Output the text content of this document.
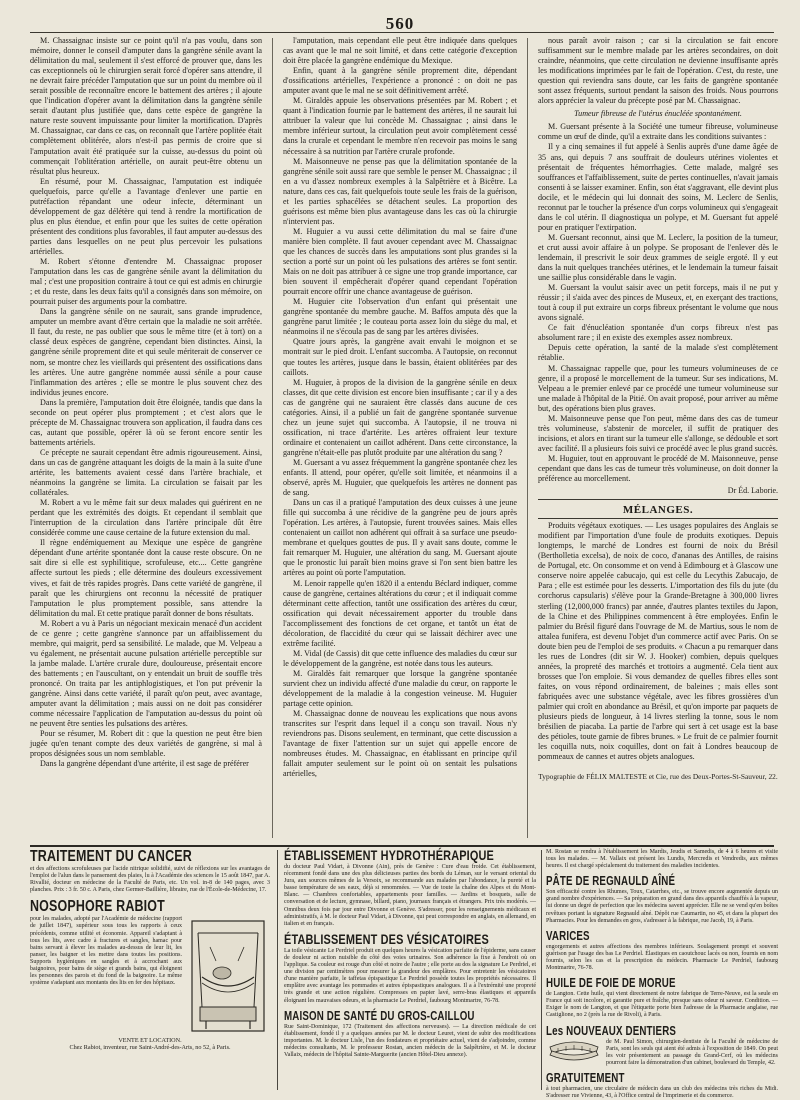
560

M. Chassaignac insiste sur ce point qu'il n'a pas voulu, dans son mémoire, donner le conseil d'amputer dans la gangrène sénile avant la délimitation du mal, seulement il s'est efforcé de prouver que, dans les cas exceptionnels où le chirurgien serait forcé d'opérer sans attendre, il ne devrait faire précéder l'amputation que sur un point du membre où il serait possible de reconnaître encore le battement des artères ; il ajoute que l'indication d'opérer avant la délimitation dans la gangrène sénile serait d'autant plus justifiée que, dans cette espèce de gangrène la nature reste souvent impuissante pour limiter la mortification. D'après M. Chassaignac, car dans ce cas, on reconnaît que l'artère poplitée était complètement oblitérée, alors n'est-il pas permis de croire que si l'amputation avait été pratiquée sur la cuisse, au-dessus du point où commençait l'oblitération artérielle, on aurait peut-être obtenu un résultat plus heureux.

En résumé, pour M. Chassaignac, l'amputation est indiquée quelquefois, parce qu'elle a l'avantage d'enlever une partie en putréfaction répandant une odeur infecte, déterminant un développement de gaz délétère qui tend à rendre la mortification de plus en plus étendue, et enfin pour que les suites de cette opération présentent des conditions plus favorables, il faut amputer au-dessus des parties dans lesquelles on ne peut plus percevoir les pulsations artérielles.

M. Robert s'étonne d'entendre M. Chassaignac proposer l'amputation dans les cas de gangrène sénile avant la délimitation du mal ; c'est une proposition contraire à tout ce qui est admis en chirurgie ; et du reste, dans les deux faits qu'il a consignés dans son mémoire, on pourrait puiser des arguments pour la combattre.

Dans la gangrène sénile on ne saurait, sans grande imprudence, amputer un membre avant d'être certain que la maladie ne soit arrêtée. Il faut, du reste, ne pas oublier que sous le même titre (et à tort) on a classé deux espèces de gangrène, cependant bien distinctes. Ainsi, la gangrène sénile proprement dite et qui seule mériterait de conserver ce nom, se montre chez les vieillards qui présentent des ossifications dans les artères. Une autre gangrène nommée aussi sénile a pour cause l'inflammation des artères ; elle se montre le plus souvent chez des individus jeunes encore.

Dans la première, l'amputation doit être éloignée, tandis que dans la seconde on peut opérer plus promptement ; et c'est alors que le précepte de M. Chassaignac trouvera son application, il faudra dans ces cas, autant que possible, opérer là où se feront encore sentir les battements artériels.

Ce précepte ne saurait cependant être admis rigoureusement. Ainsi, dans un cas de gangrène attaquant les doigts de la main à la suite d'une artérite, les battements avaient cessé dans l'artère brachiale, et néanmoins la gangrène se limita. La circulation se faisait par les collatérales.

M. Robert a vu le même fait sur deux malades qui guérirent en ne perdant que les extrémités des doigts. Et cependant il semblait que l'interruption de la circulation dans l'artère principale dût être considérée comme une cause certaine de la future extension du mal.

Il règne endémiquement au Mexique une espèce de gangrène dépendant d'une artérite spontanée dont la cause reste obscure. On ne sait dire si elle est syphilitique, scrofuleuse, etc.... Cette gangrène affecte surtout les pieds ; elle détermine des douleurs excessivement vives, et fait de très rapides progrès. Dans cette variété de gangrène, il paraît que les chirurgiens ont reconnu la nécessité de pratiquer l'amputation le plus promptement possible, sans attendre la délimitation du mal. Et cette pratique paraît donner de bons résultats.

M. Robert a vu à Paris un négociant mexicain menacé d'un accident de ce genre ; cette gangrène s'annonce par un affaiblissement du membre, qui maigrit, perd sa sensibilité. Le malade, que M. Velpeau a vu également, ne présentait aucune pulsation artérielle perceptible sur la jambe malade. L'artère crurale dure, douloureuse, présentait encore des battements ; en l'auscultant, on y entendait un bruit de souffle très prononcé. On traita par les antiphlogistiques, et l'on put prévenir la gangrène. Ainsi dans cette variété, il paraît qu'on peut, avec avantage, amputer avant la délimitation ; mais aussi on ne doit pas considérer comme nécessaire l'application de l'amputation au-dessus du point où ne peuvent être senties les pulsations des artères.

Pour se résumer, M. Robert dit : que la question ne peut être bien jugée qu'en tenant compte des deux variétés de gangrène, si mal à propos désignées sous un nom semblable.

Dans la gangrène dépendant d'une artérite, il est sage de préférer

l'amputation, mais cependant elle peut être indiquée dans quelques cas avant que le mal ne soit limité, et dans cette catégorie d'exception doit être placée la gangrène endémique du Mexique.

Enfin, quant à la gangrène sénile proprement dite, dépendant d'ossifications artérielles, l'expérience a prononcé : on doit ne pas amputer avant que le mal ne se soit définitivement arrêté.

M. Giraldès appuie les observations présentées par M. Robert ; et quant à l'indication fournie par le battement des artères, il ne saurait lui attribuer la valeur que lui concède M. Chassaignac ; ainsi dans le membre inférieur surtout, la circulation peut avoir complètement cessé dans la crurale et cependant le membre n'en recevoir pas moins le sang nécessaire à sa nutrition par l'artère crurale profonde.

M. Maisonneuve ne pense pas que la délimitation spontanée de la gangrène sénile soit aussi rare que semble le penser M. Chassaignac ; il en a vu d'assez nombreux exemples à la Salpêtrière et à Bicêtre. La nature, dans ces cas, fait quelquefois toute seule les frais de la guérison, et les parties sphacélées se détachent seules. La proportion des guérisons est même bien plus avantageuse dans les cas où la chirurgie n'intervient pas.

M. Huguier a vu aussi cette délimitation du mal se faire d'une manière bien complète. Il faut avouer cependant avec M. Chassaignac que les chances de succès dans les amputations sont plus grandes si la section a porté sur un point où les pulsations des artères se font sentir. Mais on ne doit pas attribuer à ce signe une trop grande importance, car bien souvent il empêcherait d'opérer quand cependant l'opération pourrait encore offrir une chance avantageuse de guérison.

M. Huguier cite l'observation d'un enfant qui présentait une gangrène spontanée du membre gauche. M. Baffos amputa dès que la gangrène parut limitée ; le couteau porta assez loin du siège du mal, et néanmoins il ne s'écoula pas de sang par les artères divisées.

Quatre jours après, la gangrène avait envahi le moignon et se montrait sur le pied droit. L'enfant succomba. A l'autopsie, on reconnut que toutes les artères, jusque dans le bassin, étaient oblitérées par des caillots.

M. Huguier, à propos de la division de la gangrène sénile en deux classes, dit que cette division est encore bien insuffisante ; car il y a des cas de gangrène qui ne sauraient être classés dans aucune de ces catégories. Ainsi, il a publié un fait de gangrène spontanée survenue chez un jeune sujet qui succomba. A l'autopsie, il ne trouva ni ossification, ni trace d'artérite. Les artères offraient leur texture ordinaire et contenaient un caillot adhérent. Dans cette circonstance, la gangrène n'était-elle pas plutôt produite par une altération du sang ?

M. Guersant a vu assez fréquemment la gangrène spontanée chez les enfants. Il attend, pour opérer, qu'elle soit limitée, et néanmoins il a observé, après M. Huguier, que quelquefois les artères ne donnent pas de sang.

Dans un cas il a pratiqué l'amputation des deux cuisses à une jeune fille qui succomba à une récidive de la gangrène peu de jours après l'opération. Les artères, à l'autopsie, furent trouvées saines. Mais elles contenaient un caillot non adhérent qui offrait à sa surface une pseudo-membrane et quelques gouttes de pus. Il y avait sans doute, comme le fait remarquer M. Huguier, une altération du sang. M. Guersant ajoute que le pronostic lui paraît bien moins grave si l'on sent bien battre les artères au point où porte l'amputation.

M. Lenoir rappelle qu'en 1820 il a entendu Béclard indiquer, comme cause de gangrène, certaines altérations du cœur ; et il indiquait comme déterminant cette affection, tantôt une ossification des artères du cœur, ossification qui devait nécessairement apporter du trouble dans l'accomplissement des fonctions de cet organe, et tantôt un état de décoloration, de flaccidité du cœur qui se laissait déchirer avec une extrême facilité.

M. Vidal (de Cassis) dit que cette influence des maladies du cœur sur le développement de la gangrène, est notée dans tous les auteurs.

M. Giraldès fait remarquer que lorsque la gangrène spontanée survient chez un individu affecté d'une maladie du cœur, on rapporte le développement de la maladie à la congestion veineuse. M. Huguier partage cette opinion.

M. Chassaignac donne de nouveau les explications que nous avons transcrites sur l'esprit dans lequel il a conçu son travail. Nous n'y reviendrons pas. Disons seulement, en terminant, que cette discussion a l'avantage de fixer l'attention sur un sujet qui appelle encore de nombreuses études. M. Chassaignac, en établissant en principe qu'il fallait amputer seulement sur le point où on sentait les pulsations artérielles,

nous paraît avoir raison ; car si la circulation se fait encore suffisamment sur le membre malade par les artères secondaires, on doit craindre, néanmoins, que cette circulation ne devienne insuffisante après les modifications imprimées par le fait de l'opération. C'est, du reste, une question qui reviendra sans doute, car les faits de gangrène spontanée sont assez fréquents, surtout pendant la saison des froids. Nous pourrons alors apprécier la valeur du précepte posé par M. Chassaignac.

Tumeur fibreuse de l'utérus énucléée spontanément.

M. Guersant présente à la Société une tumeur fibreuse, volumineuse comme un œuf de dinde, qu'il a extraite dans les conditions suivantes :

Il y a cinq semaines il fut appelé à Senlis auprès d'une dame âgée de 35 ans, qui depuis 7 ans souffrait de douleurs utérines violentes et présentait de fréquentes hémorrhagies. Cette malade, malgré ses souffrances et l'affaiblissement, suite de pertes continuelles, n'avait jamais consenti à se laisser examiner. Enfin, son état s'aggravant, elle devint plus docile, et le médecin qui lui donnait des soins, M. Leclerc de Senlis, reconnut par le toucher la présence d'un corps volumineux qui s'engageait dans le col utérin. Il diagnostiqua un polype, et M. Guersant fut appelé pour en pratiquer l'extirpation.

M. Guersant reconnut, ainsi que M. Leclerc, la position de la tumeur, et crut aussi avoir affaire à un polype. Se proposant de l'enlever dès le lendemain, il prescrivit le soir deux grammes de seigle ergoté. Il y eut dans la nuit quelques tranchées utérines, et le lendemain la tumeur faisait une saillie plus considérable dans le vagin.

M. Guersant la voulut saisir avec un petit forceps, mais il ne put y réussir ; il s'aida avec des pinces de Museux, et, en exerçant des tractions, tout à coup il put extraire un corps fibreux présentant le volume que nous avons signalé.

Ce fait d'énucléation spontanée d'un corps fibreux n'est pas absolument rare ; il en existe des exemples assez nombreux.

Depuis cette opération, la santé de la malade s'est complètement rétablie.

M. Chassaignac rappelle que, pour les tumeurs volumineuses de ce genre, il a proposé le morcellement de la tumeur. Sur ses indications, M. Velpeau a le premier enlevé par ce procédé une tumeur volumineuse sur une malade à l'hôpital de la Pitié. On avait proposé, pour arriver au même but, des opérations bien plus graves.

M. Maisonneuve pense que l'on peut, même dans des cas de tumeur très volumineuse, s'abstenir de morceler, il suffit de pratiquer des incisions, et alors en tirant sur la tumeur elle s'allonge, se dédouble et sort avec facilité. Il a plusieurs fois suivi ce procédé avec le plus grand succès.

M. Huguier, tout en approuvant le procédé de M. Maisonneuve, pense cependant que dans les cas de tumeur très volumineuse, on doit donner la préférence au morcellement.

Dr Éd. Laborie.
MÉLANGES.

Produits végétaux exotiques. — Les usages populaires des Anglais se modifient par l'importation d'une foule de produits exotiques. Depuis longtemps, le marché de Londres est fourni de noix du Brésil (Bertholletia excelsa), de noix de coco, d'ananas des Antilles, de raisins de Portugal, etc. On consomme et on vend à Edimbourg et à Glascow une conserve noire appelée cabucajo, qui est celle du Lecythis Zabucajo, de Para ; elle est estimée pour les desserts. L'importation des fils du jute (du corchorus capsularis) s'élève pour la Grande-Bretagne à 300,000 livres sterling (12,000,000 francs) par année, d'autres plantes textiles du Japon, de la Chine et des Philippines commencent à être employées. Enfin le palmier du Brésil figuré dans l'ouvrage de M. de Martius, sous le nom de attalea funifera, est devenu l'objet d'un commerce actif avec Paris. On se doute bien peu de l'emploi de ses produits. « Chacun a pu remarquer dans les rues de Londres (dit sir W. J. Hooker) combien, depuis quelques années, la propreté des marchés et trottoirs a augmenté. Cela tient aux brosses que l'on emploie. Si vous demandez de quelles fibres elles sont faites, on vous répond ordinairement, de baleines ; mais elles sont fabriquées avec une substance végétale, avec les fibres grossières d'un palmier qui croît en abondance au Brésil, et qu'on importe par paquets de plusieurs pieds de longueur, à 14 livres sterling la tonne, sous le nom brésilien de piacaba. La partie de l'arbre qui sert à cet usage est la base des pétioles, toute garnie de fibres brunes. » Le fruit de ce palmier fournit les coquilla nuts, noix coquilles, dont on fait à Londres beaucoup de pommeaux de cannes et autres objets analogues.

Typographie de FÉLIX MALTESTE et Cie, rue des Deux-Portes-St-Sauveur, 22.
TRAITEMENT DU CANCER
et des affections scrofuleuses par l'acide nitrique solidifié, suivi de réflexions sur les avantages de l'emploi de l'alun dans le pansement des plaies, lu à l'Académie des sciences le 15 août 1847, par A. Rivallié, docteur en médecine de la Faculté de Paris, etc. Un vol. in-8 de 140 pages, avec 3 planches. Prix : 3 fr. 50 c. A Paris, chez Germer-Baillière, libraire, rue de l'École-de-Médecine, 17.
NOSOPHORE RABIOT
pour les malades, adopté par l'Académie de médecine (rapport de juillet 1847), supérieur sous tous les rapports à ceux précédents, comme utilité et économie. Appareil s'adaptant à tous les lits, avec cadre à fractures et sangles, hamac pour bains servant à élever les malades au-dessus de leur lit, les panser, les baigner et les mettre dans toutes les positions. Supports hygiéniques en sangles et à accrochant aux baignoires, pour bains de siège et grands bains, qui éloignent les personnes des parois et du fond de la baignoire. Le même système s'adaptant aux montants des lits en fer des hôpitaux.
VENTE ET LOCATION.
Chez Rabiot, inventeur, rue Saint-André-des-Arts, no 52, à Paris.
ÉTABLISSEMENT HYDROTHÉRAPIQUE
du docteur Paul Vidart, à Divonne (Ain), près de Genève : Cure d'eau froide. Cet établissement, récemment fondé dans une des plus délicieuses parties des bords du Léman, sur le versant oriental du Jura, aux sources mêmes de la Versoix, se recommande aux malades par l'abondance, la pureté et la basse température de ses eaux, déjà si renommées. — Vue de toute la chaîne des Alpes et du Mont-Blanc. — Chambres confortables, appartements pour familles. — Jardins et bosquets, salle de conversation et de lecture, gymnase, billard, piano, journaux français et étrangers. Prix très modérés. — Omnibus deux fois par jour entre Divonne et Genève. S'adresser, pour les renseignements médicaux et administratifs, à M. le docteur Paul Vidart, à Divonne, qui peut correspondre en anglais, en allemand, en italien et en français.
ÉTABLISSEMENT DES VÉSICATOIRES
La toile vésicante Le Perdriel produit en quelques heures la vésication parfaite de l'épiderme, sans causer de douleur ni action nuisible du côté des voies urinaires. Son adhérence la fixe à l'endroit où on l'applique. Sa couleur est rouge d'un côté et noire de l'autre ; elle porte au dos la signature Le Perdriel, et une division par centimètres pour mesurer la grandeur des emplâtres. Pour entretenir les vésicatoires d'une manière parfaite, le taffetas épispastique Le Perdriel possède toutes les propriétés nécessaires. Il emplâtre avec avantage les pommades et autres épispastiques analogues. Il a à l'extrémité une propreté très grande et une action régulière. Compresses en papier lavé, serre-bras élastiques et appareils éloignant les mauvaises odeurs, et la pharmacie Le Perdriel, faubourg Montmartre, 76-78.
MAISON DE SANTÉ DU GROS-CAILLOU
Rue Saint-Dominique, 172 (Traitement des affections nerveuses). — La direction médicale de cet établissement, fondé il y a quelques années par M. le docteur Leuret, vient de subir des modifications importantes. M. le docteur Lisle, l'un des fondateurs et propriétaire actuel, vient de s'adjoindre, comme médecins consultants, M. le professeur Rostan, ancien médecin de la Salpêtrière, et M. le docteur Vallaix, médecin de l'hôpital Sainte-Marguerite (ancien Hôtel-Dieu annexe).
M. Rostan se rendra à l'établissement les Mardis, Jeudis et Samedis, de 4 à 6 heures et visite tous les malades. — M. Vallaix est présent les Lundis, Mercredis et Vendredis, aux mêmes heures. Il est chargé spécialement du traitement des maladies incidentes.
PÂTE DE REGNAULD AÎNÉ
Son efficacité contre les Rhumes, Toux, Catarrhes, etc., se trouve encore augmentée depuis un grand nombre d'expériences. — Sa préparation en grand dans des appareils chauffés à la vapeur, lui donne un degré de perfection que les médecins savent apprécier. Elle ne se vend qu'en boîtes revêtues portant la signature Regnauld aîné. Dépôt rue Caumartin, no 45, et dans la plupart des Pharmacies. Pour les demandes en gros, s'adresser à la fabrique, rue Jacob, 19, à Paris.
VARICES
engorgements et autres affections des membres inférieurs. Soulagement prompt et souvent guérison par l'usage des bas Le Perdriel. Élastiques en caoutchouc lacés ou non, fournis en nom fournis, selon les cas et la prescription du médecin. Pharmacie Le Perdriel, faubourg Montmartre, 76-78.
HUILE DE FOIE DE MORUE
de Langton. Cette huile, qui vient directement de notre fabrique de Terre-Neuve, est la seule en France qui soit incolore, et garantie pure et fraîche, presque sans odeur ni saveur. Condition. — Exiger le nom de Langton, et que l'étiquette porte bien l'adresse de la Pharmacie anglaise, rue Castiglione, no 2 (près la rue de Rivoli), à Paris.
Les NOUVEAUX DENTIERS
de M. Paul Simon, chirurgien-dentiste de la Faculté de médecine de Paris, sont les seuls qui aient été admis à l'exposition de 1849. On peut les voir présentement au passage du Grand-Cerf, où les médecins pourront faire la démonstration d'un cabinet, boulevard du Temple, 42.
GRATUITEMENT
à tout pharmacien, une circulaire de médecin dans un club des médecins très riches du Midi. S'adresser rue Vivienne, 43, à l'Office central de l'imprimerie et du commerce.
